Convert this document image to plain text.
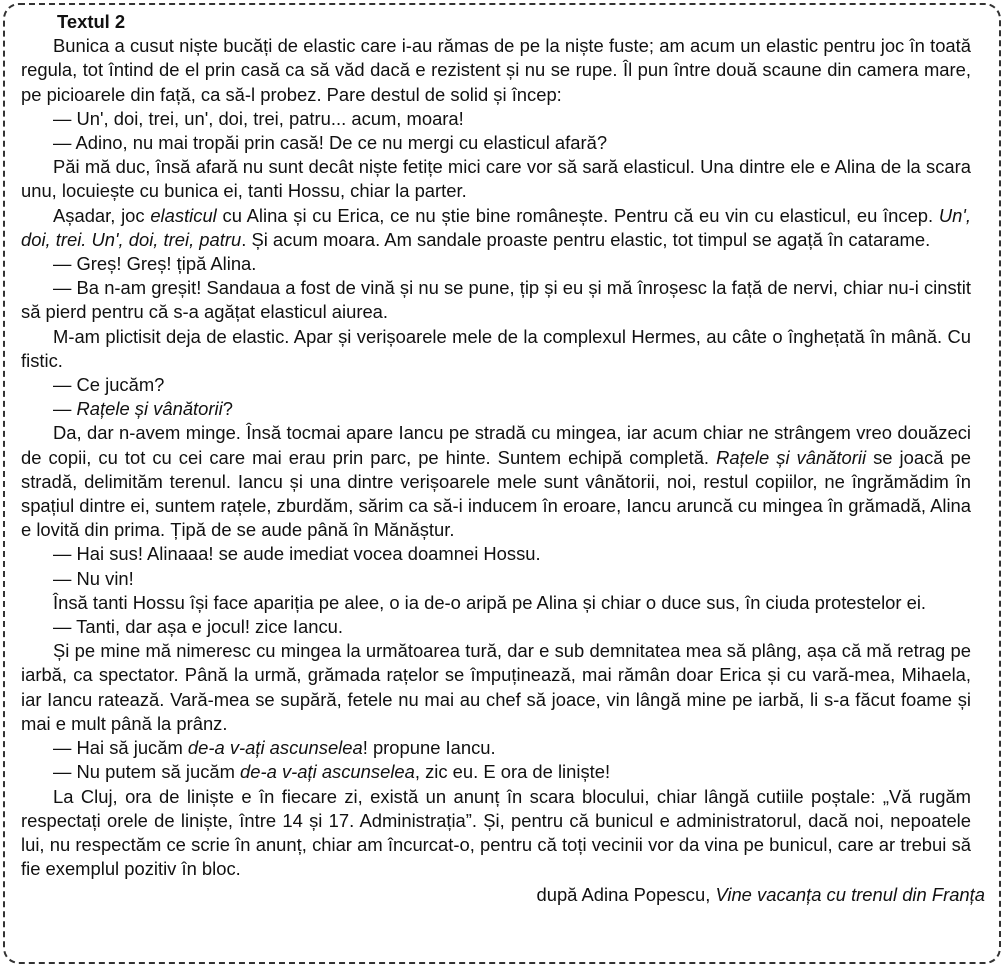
Textul 2

Bunica a cusut niște bucăți de elastic care i-au rămas de pe la niște fuste; am acum un elastic pentru joc în toată regula, tot întind de el prin casă ca să văd dacă e rezistent și nu se rupe. Îl pun între două scaune din camera mare, pe picioarele din față, ca să-l probez. Pare destul de solid și încep:

— Un', doi, trei, un', doi, trei, patru... acum, moara!

— Adino, nu mai tropăi prin casă! De ce nu mergi cu elasticul afară?

Păi mă duc, însă afară nu sunt decât niște fetițe mici care vor să sară elasticul. Una dintre ele e Alina de la scara unu, locuiește cu bunica ei, tanti Hossu, chiar la parter.

Așadar, joc elasticul cu Alina și cu Erica, ce nu știe bine românește. Pentru că eu vin cu elasticul, eu încep. Un', doi, trei. Un', doi, trei, patru. Și acum moara. Am sandale proaste pentru elastic, tot timpul se agață în catarame.

— Greș! Greș! țipă Alina.

— Ba n-am greșit! Sandaua a fost de vină și nu se pune, țip și eu și mă înroșesc la față de nervi, chiar nu-i cinstit să pierd pentru că s-a agățat elasticul aiurea.

M-am plictisit deja de elastic. Apar și verișoarele mele de la complexul Hermes, au câte o înghețată în mână. Cu fistic.

— Ce jucăm?

— Rațele și vânătorii?

Da, dar n-avem minge. Însă tocmai apare Iancu pe stradă cu mingea, iar acum chiar ne strângem vreo douăzeci de copii, cu tot cu cei care mai erau prin parc, pe hinte. Suntem echipă completă. Rațele și vânătorii se joacă pe stradă, delimităm terenul. Iancu și una dintre verișoarele mele sunt vânătorii, noi, restul copiilor, ne îngrămădim în spațiul dintre ei, suntem rațele, zburdăm, sărim ca să-i inducem în eroare, Iancu aruncă cu mingea în grămadă, Alina e lovită din prima. Țipă de se aude până în Mănăștur.

— Hai sus! Alinaaa! se aude imediat vocea doamnei Hossu.

— Nu vin!

Însă tanti Hossu își face apariția pe alee, o ia de-o aripă pe Alina și chiar o duce sus, în ciuda protestelor ei.

— Tanti, dar așa e jocul! zice Iancu.

Și pe mine mă nimeresc cu mingea la următoarea tură, dar e sub demnitatea mea să plâng, așa că mă retrag pe iarbă, ca spectator. Până la urmă, grămada rațelor se împuținează, mai rămân doar Erica și cu vară-mea, Mihaela, iar Iancu ratează. Vară-mea se supără, fetele nu mai au chef să joace, vin lângă mine pe iarbă, li s-a făcut foame și mai e mult până la prânz.

— Hai să jucăm de-a v-ați ascunselea! propune Iancu.

— Nu putem să jucăm de-a v-ați ascunselea, zic eu. E ora de liniște!

La Cluj, ora de liniște e în fiecare zi, există un anunț în scara blocului, chiar lângă cutiile poștale: „Vă rugăm respectați orele de liniște, între 14 și 17. Administrația”. Și, pentru că bunicul e administratorul, dacă noi, nepoatele lui, nu respectăm ce scrie în anunț, chiar am încurcat-o, pentru că toți vecinii vor da vina pe bunicul, care ar trebui să fie exemplul pozitiv în bloc.

după Adina Popescu, Vine vacanța cu trenul din Franța
